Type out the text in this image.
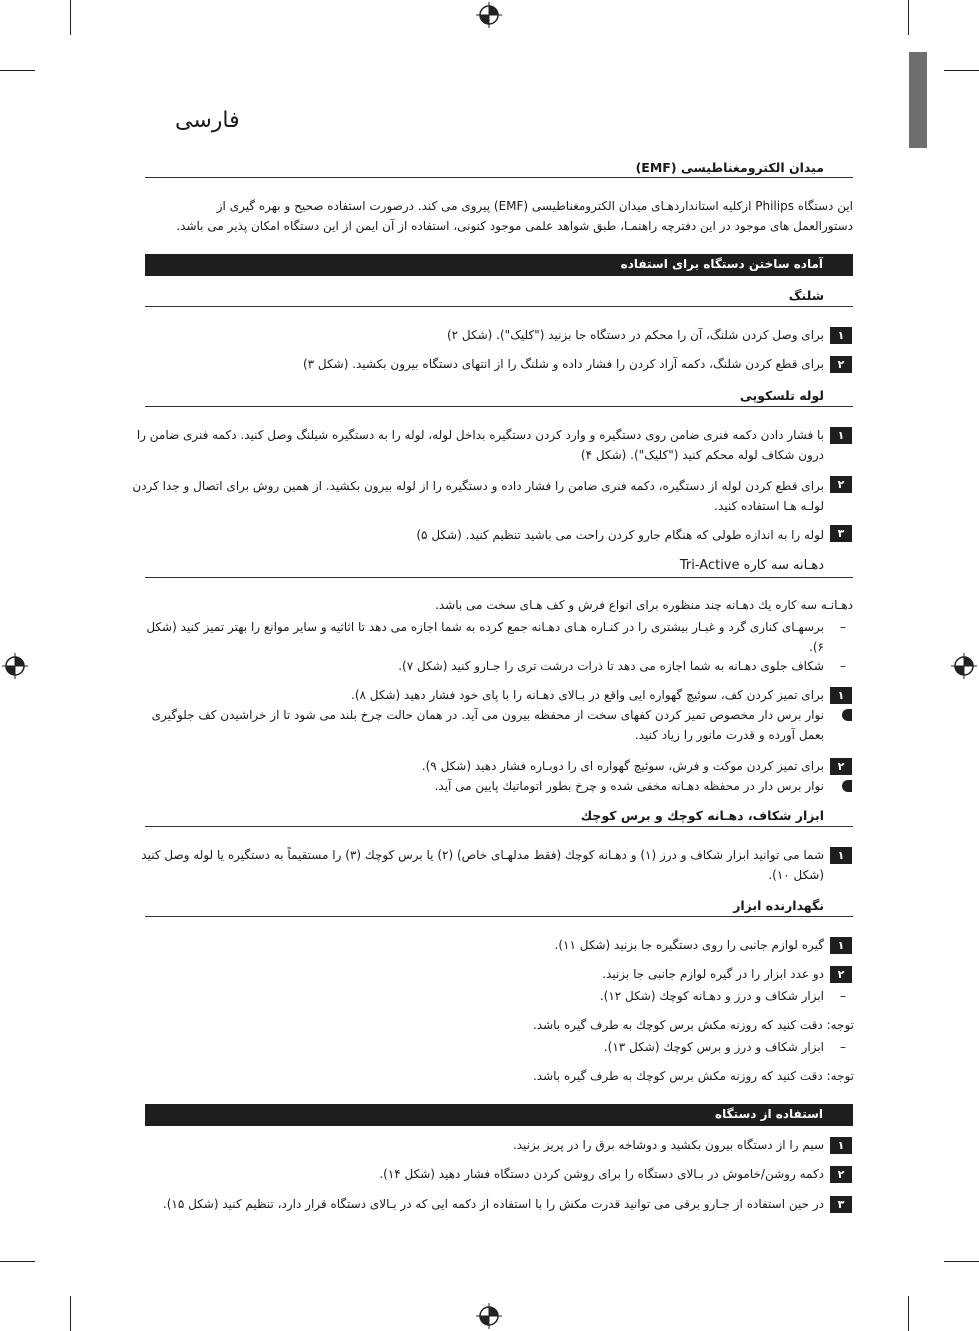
فارسی
میدان الکترومغناطیسی (EMF)
این دستگاه Philips ازکلیه استانداردهـای میدان الکترومغناطیسی (EMF) پیروی می کند. درصورت استفاده صحیح و بهره گیری از دستورالعمل های موجود در این دفترچه راهنمـا، طبق شواهد علمی موجود کنونی، استفاده از آن ایمن از این دستگاه امکان پذیر می باشد.
آماده ساختن دستگاه برای استفاده
شلنگ
۱
برای وصل کردن شلنگ، آن را محکم در دستگاه جا بزنید ("کلیک"). (شکل ۲)
۲
برای قطع کردن شلنگ، دکمه آزاد کردن را فشار داده و شلنگ را از انتهای دستگاه بیرون بکشید. (شکل ۳)
لوله تلسکوپی
۱
با فشار دادن دکمه فنری ضامن روی دستگیره و وارد کردن دستگیره بداخل لوله، لوله را به دستگیره شیلنگ وصل کنید. دکمه فنری ضامن را درون شکاف لوله محکم کنید ("کلیک"). (شکل ۴)
۲
برای قطع کردن لوله از دستگیره، دکمه فنری ضامن را فشار داده و دستگیره را از لوله بیرون بکشید. از همین روش برای اتصال و جدا کردن لولـه هـا استفاده کنید.
۳
لوله را به اندازه طولی که هنگام جارو کردن راحت می باشید تنظیم کنید. (شکل ۵)
دهـانه سه کاره Tri-Active
دهـانـه سه کاره یك دهـانه چند منظوره برای انواع فرش و کف هـای سخت می باشد.
– برسهـای کناری گرد و غبـار بیشتری را در کنـاره هـای دهـانه جمع کرده به شما اجازه می دهد تا اثاثیه و سایر موانع را بهتر تمیز کنید (شکل ۶).
– شکاف جلوی دهـانه به شما اجازه می دهد تا ذرات درشت تری را جـارو کنید (شکل ۷).
۱
برای تمیز کردن کف، سوئیچ گهواره ایی واقع در بـالای دهـانه را با پای خود فشار دهید (شکل ۸).
نوار برس دار مخصوص تمیز کردن کفهای سخت از محفظه بیرون می آید. در همان حالت چرخ بلند می شود تا از خراشیدن کف جلوگیری بعمل آورده و قدرت مانور را زیاد کنید.
۲
برای تمیز کردن موکت و فرش، سوئیچ گهواره ای را دوبـاره فشار دهید (شکل ۹).
نوار برس دار در محفظه دهـانه مخفی شده و چرخ بطور اتوماتیك پایین می آید.
ابزار شکاف، دهـانه کوچك و برس کوچك
۱
شما می توانید ابزار شکاف و درز (۱) و دهـانه کوچك (فقط مدلهـای خاص) (۲) یا برس کوچك (۳) را مستقیماً به دستگیره یا لوله وصل کنید (شکل ۱۰).
نگهدارنده ابزار
۱
گیره لوازم جانبی را روی دستگیره جا بزنید (شکل ۱۱).
۲
دو عدد ابزار را در گیره لوازم جانبی جا بزنید.
– ابزار شکاف و درز و دهـانه کوچك (شکل ۱۲).
توجه: دقت کنید که روزنه مکش برس کوچك به طرف گیره باشد.
– ابزار شکاف و درز و برس کوچك (شکل ۱۳).
توجه: دقت کنید که روزنه مکش برس کوچك به طرف گیره باشد.
استفاده از دستگاه
۱
سیم را از دستگاه بیرون بکشید و دوشاخه برق را در پریز بزنید.
۲
دکمه روشن/خاموش در بـالای دستگاه را برای روشن کردن دستگاه فشار دهید (شکل ۱۴).
۳
در حین استفاده از جـارو برقی می توانید قدرت مکش را با استفاده از دکمه ایی که در بـالای دستگاه قرار دارد، تنظیم کنید (شکل ۱۵).
